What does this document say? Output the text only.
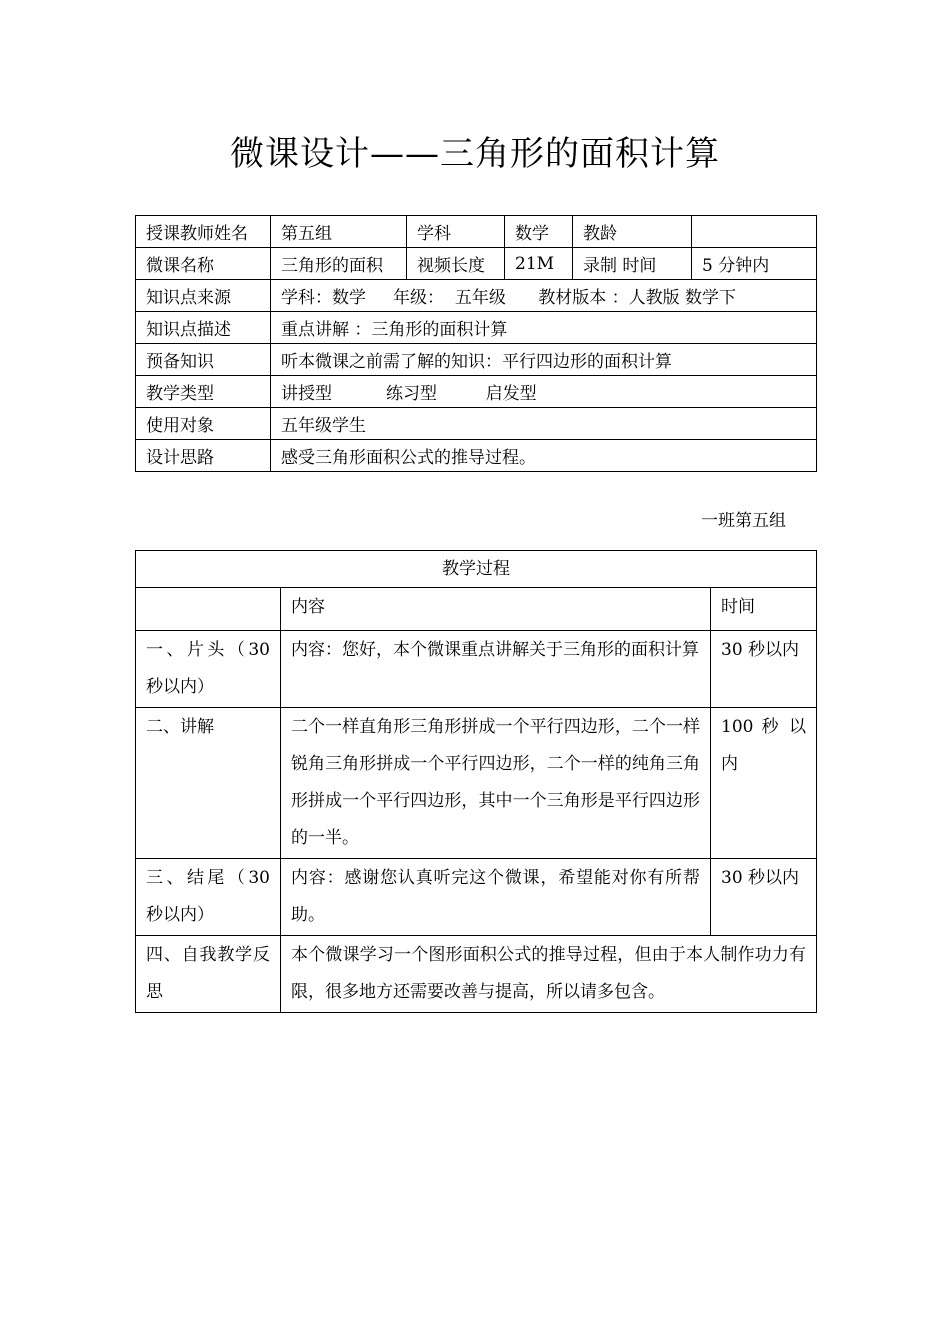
微课设计——三角形的面积计算
授课教师姓名	第五组	学科	数学	教龄	
微课名称	三角形的面积	视频长度	21M	录制 时间	5 分钟内
知识点来源	学科：数学     年级：  五年级      教材版本 ：人教版 数学下				
知识点描述	重点讲解 ：三角形的面积计算				
预备知识	听本微课之前需了解的知识：平行四边形的面积计算				
教学类型	讲授型          练习型         启发型				
使用对象	五年级学生				
设计思路	感受三角形面积公式的推导过程。				
一班第五组
教学过程		
	内容	时间
一、片头（30 秒以内）	内容：您好，本个微课重点讲解关于三角形的面积计算	30 秒以内
二、讲解	二个一样直角形三角形拼成一个平行四边形，二个一样锐角三角形拼成一个平行四边形，二个一样的纯角三角形拼成一个平行四边形，其中一个三角形是平行四边形的一半。	100 秒 以内
三、结尾（30 秒以内）	内容：感谢您认真听完这个微课，希望能对你有所帮助。	30 秒以内
四、自我教学反思	本个微课学习一个图形面积公式的推导过程，但由于本人制作功力有限，很多地方还需要改善与提高，所以请多包含。	
